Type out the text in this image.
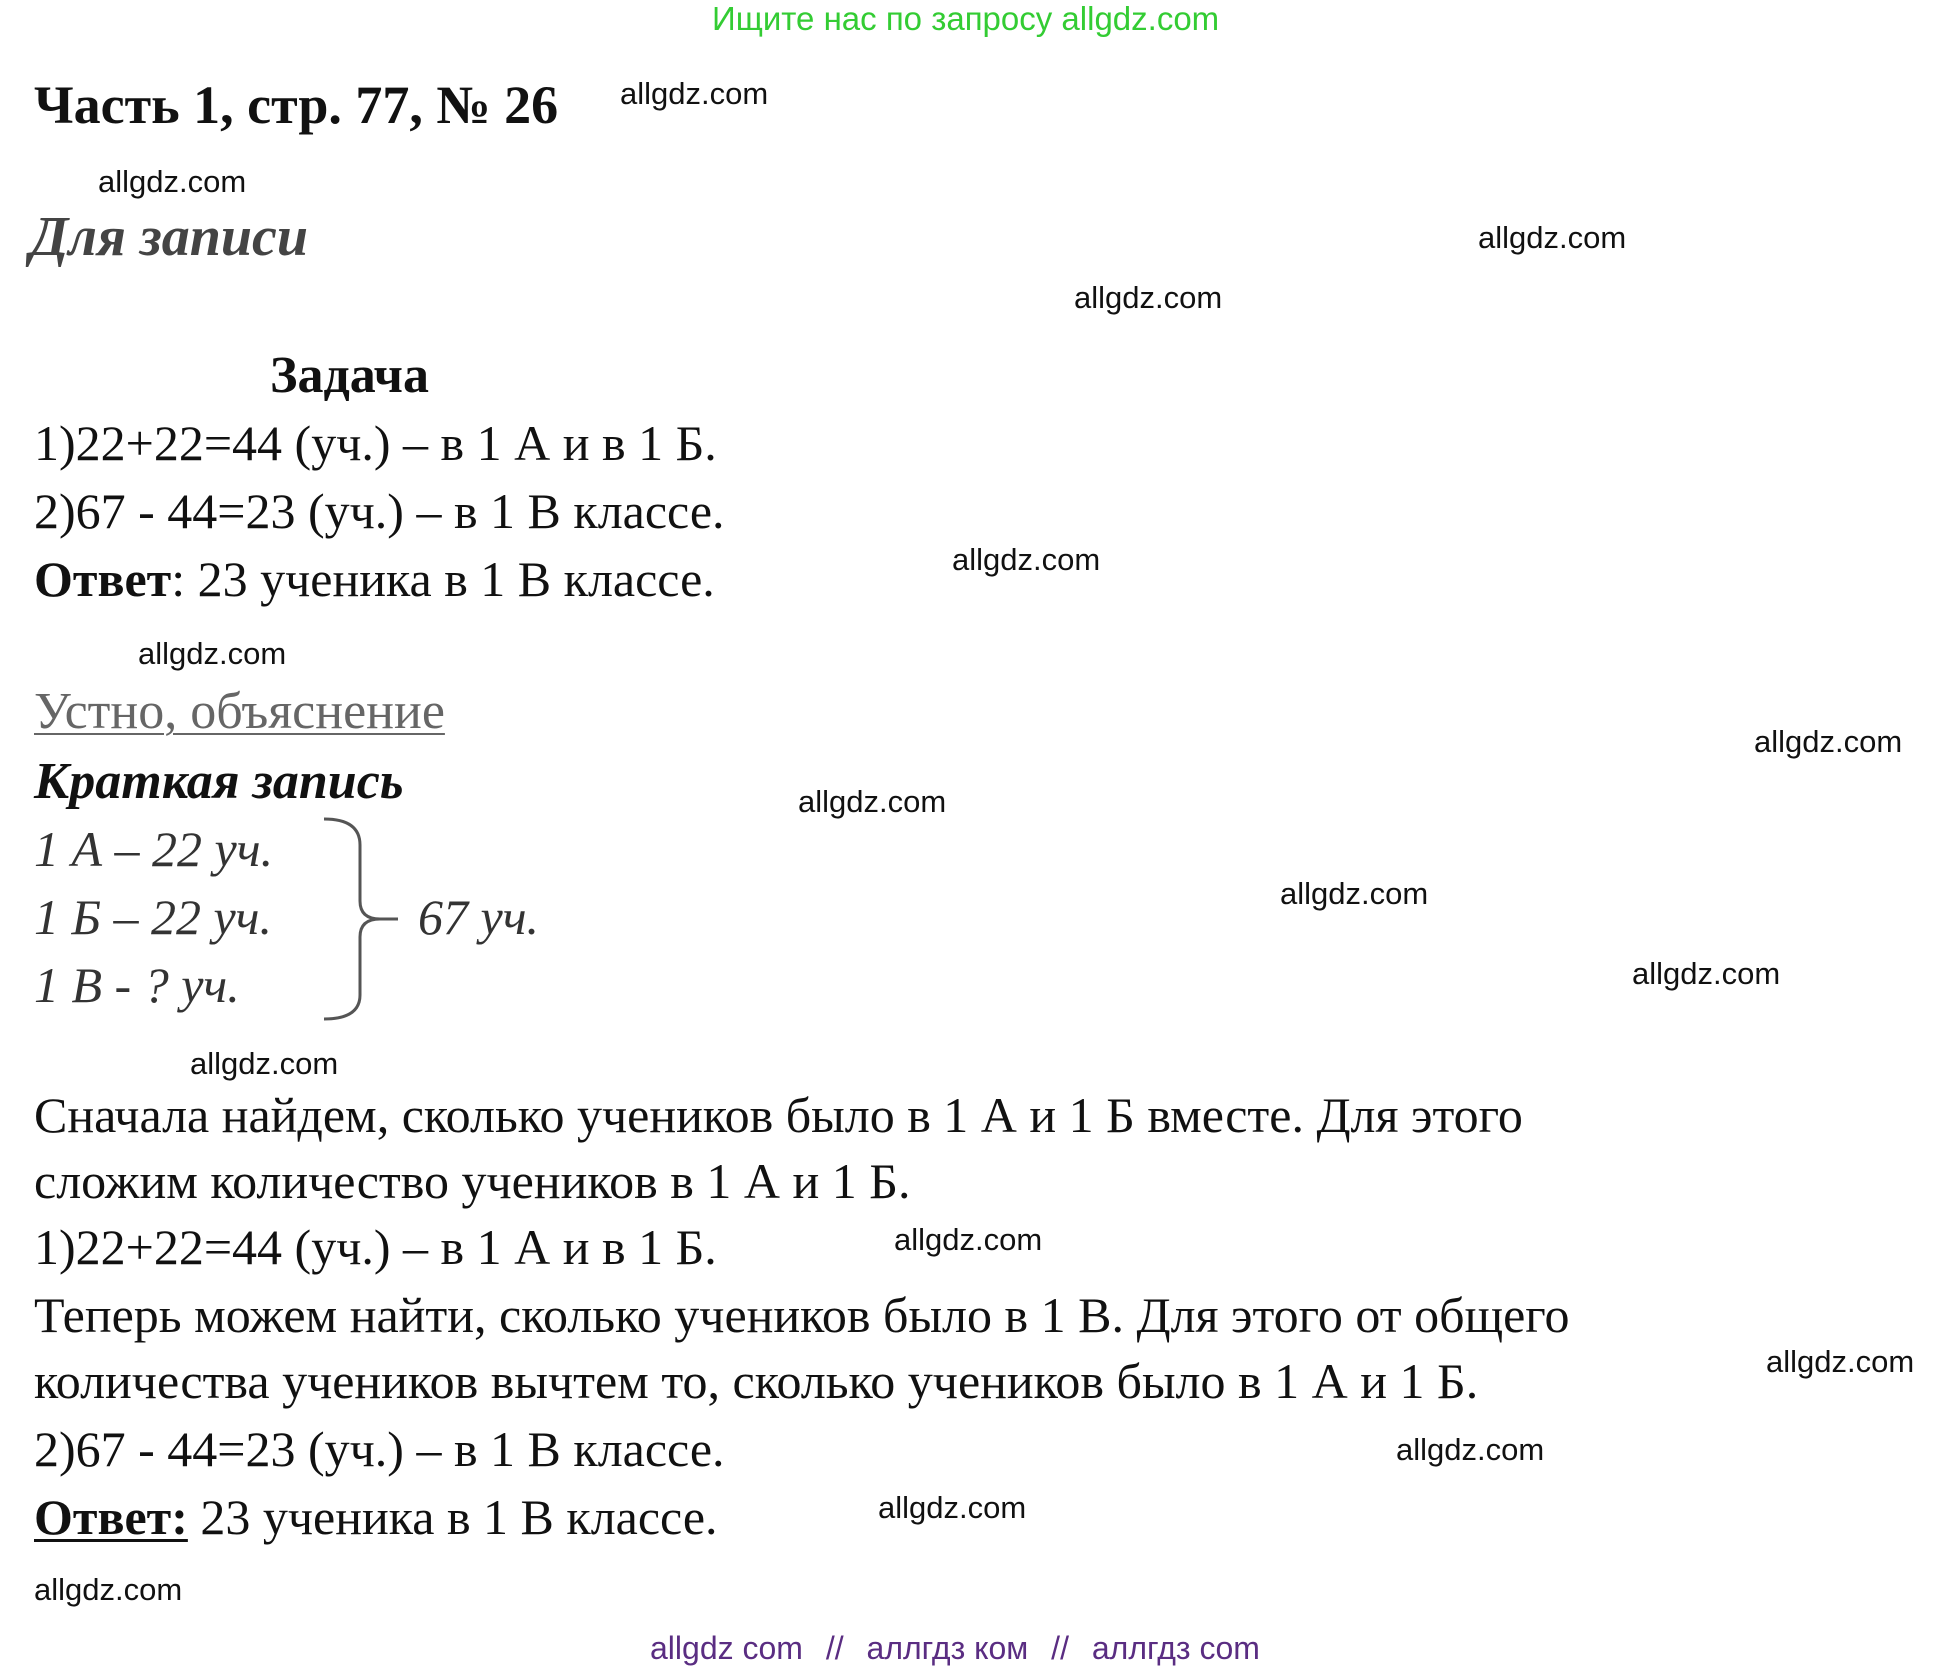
Ищите нас по запросу allgdz.com
Часть 1, стр. 77, № 26
Для записи
Задача
1)22+22=44 (уч.) – в 1 А и в 1 Б.
2)67 - 44=23 (уч.) – в 1 В классе.
Ответ: 23 ученика в 1 В классе.
Устно, объяснение
Краткая запись
1 А – 22 уч.
1 Б – 22 уч.
1 В - ? уч.
67 уч.
Сначала найдем, сколько учеников было в 1 А и 1 Б вместе. Для этого
сложим количество учеников в 1 А и 1 Б.
1)22+22=44 (уч.) – в 1 А и в 1 Б.
Теперь можем найти, сколько учеников было в 1 В. Для этого от общего
количества учеников вычтем то, сколько учеников было в 1 А и 1 Б.
2)67 - 44=23 (уч.) – в 1 В классе.
Ответ: 23 ученика в 1 В классе.
allgdz.com
allgdz.com
allgdz.com
allgdz.com
allgdz.com
allgdz.com
allgdz.com
allgdz.com
allgdz.com
allgdz.com
allgdz.com
allgdz.com
allgdz.com
allgdz.com
allgdz.com
allgdz.com
allgdz com // аллгдз ком // аллгдз com
